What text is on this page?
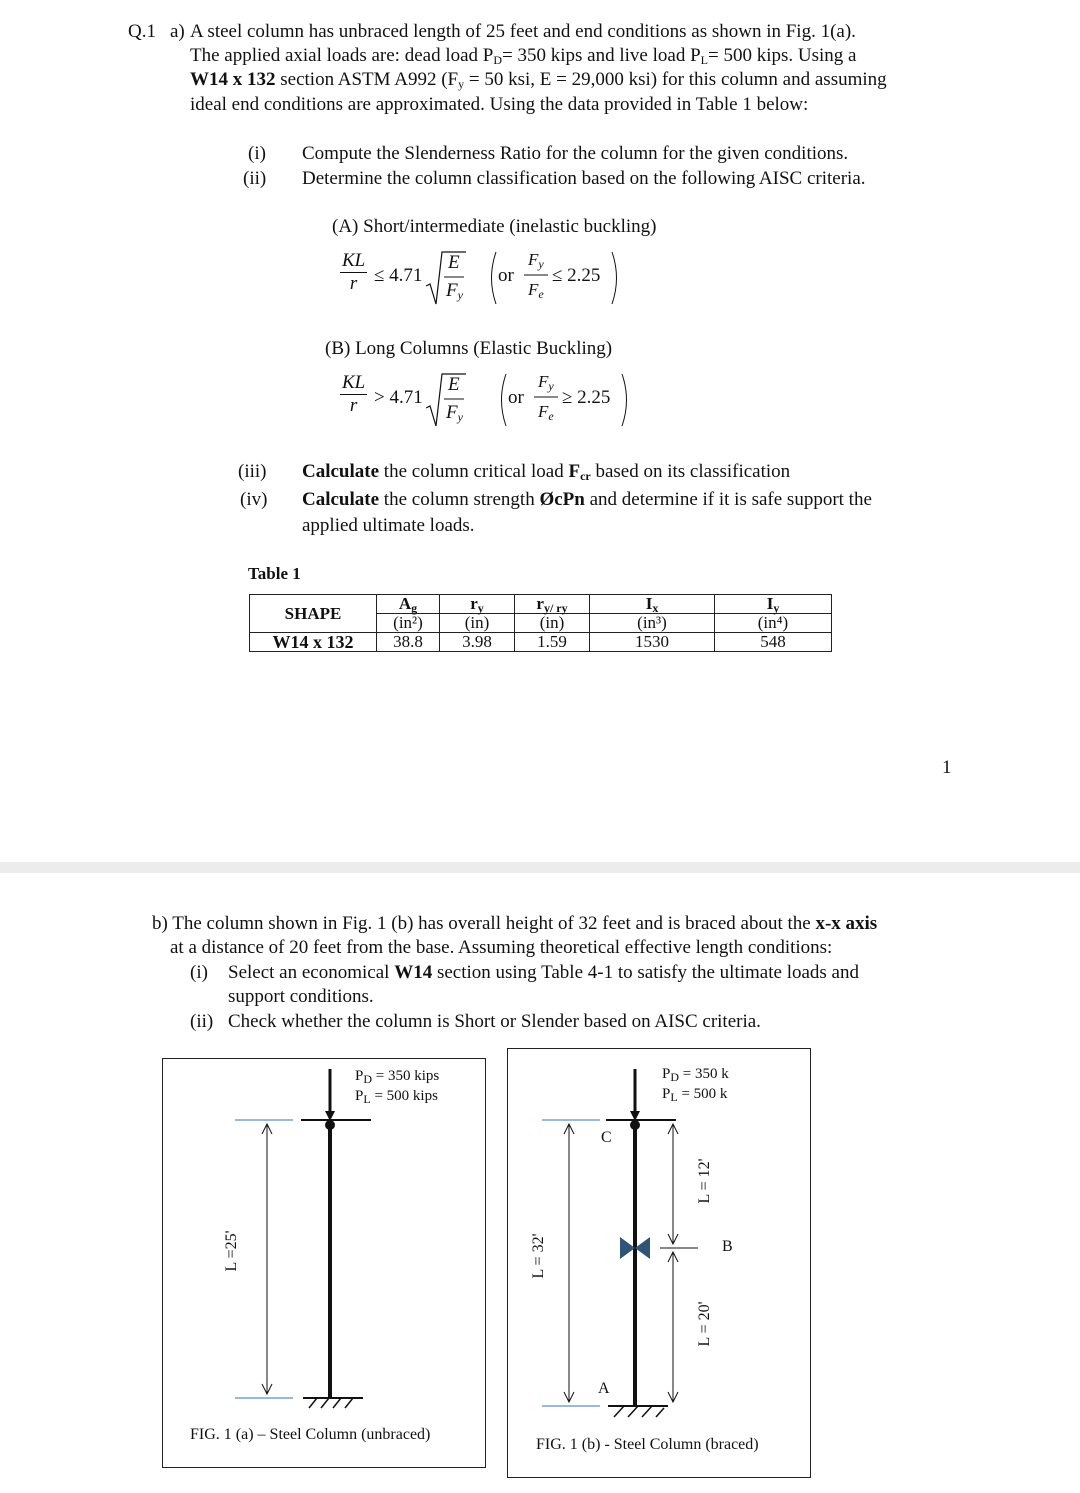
Q.1 a) A steel column has unbraced length of 25 feet and end conditions as shown in Fig. 1(a).
The applied axial loads are: dead load $P_D= 350$ kips and live load $P_L= 500$ kips. Using a
W14 x 132 section ASTM A992 ($F_y = 50$ ksi, E = 29,000 ksi) for this column and assuming
ideal end conditions are approximated. Using the data provided in Table 1 below:
(i) Compute the Slenderness Ratio for the column for the given conditions.
(ii) Determine the column classification based on the following AISC criteria.
(A) Short/intermediate (inelastic buckling)
$\frac{KL}{r} \le 4.71$
E
$F_y$
or
$F_y$
$F_e$
≤ 2.25
(B) Long Columns (Elastic Buckling)
$\frac{KL}{r} > 4.71$
E
$F_y$
or
$F_y$
$F_e$
≥ 2.25
(iii) Calculate the column critical load $F_{cr}$ based on its classification
(iv) Calculate the column strength ØcPn and determine if it is safe support the
applied ultimate loads.
Table 1
SHAPE	$A_g$	$r_y$	$r_{y/ ry}$	$I_x$	$I_y$
	(in²)	(in)	(in)	(in³)	(in⁴)
W14 x 132	38.8	3.98	1.59	1530	548
1
b) The column shown in Fig. 1 (b) has overall height of 32 feet and is braced about the x-x axis
at a distance of 20 feet from the base. Assuming theoretical effective length conditions:
(i) Select an economical W14 section using Table 4-1 to satisfy the ultimate loads and
support conditions.
(ii) Check whether the column is Short or Slender based on AISC criteria.
$P_D = 350$ kips
$P_L = 500$ kips
L =25'
FIG. 1 (a) – Steel Column (unbraced)
$P_D = 350$ k
$P_L = 500$ k
C
B
A
L = 32'
L = 12'
L = 20'
FIG. 1 (b) - Steel Column (braced)
